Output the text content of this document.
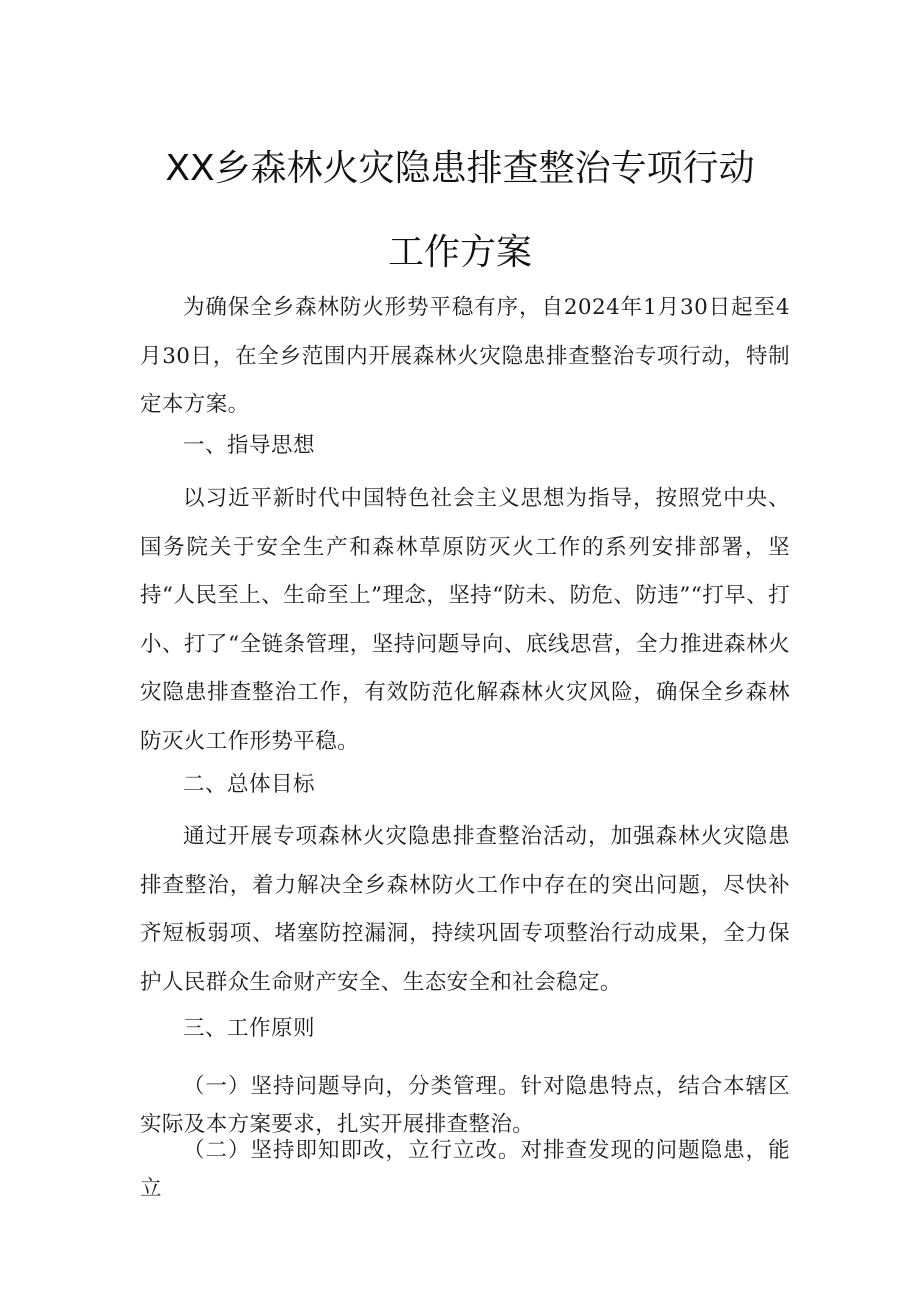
XX乡森林火灾隐患排查整治专项行动
工作方案

为确保全乡森林防火形势平稳有序，自2024年1月30日起至4月30日，在全乡范围内开展森林火灾隐患排查整治专项行动，特制定本方案。

一、指导思想

以习近平新时代中国特色社会主义思想为指导，按照党中央、国务院关于安全生产和森林草原防灭火工作的系列安排部署，坚持“人民至上、生命至上”理念，坚持“防未、防危、防违”“打早、打小、打了“全链条管理，坚持问题导向、底线思营，全力推进森林火灾隐患排查整治工作，有效防范化解森林火灾风险，确保全乡森林防灭火工作形势平稳。

二、总体目标

通过开展专项森林火灾隐患排查整治活动，加强森林火灾隐患排查整治，着力解决全乡森林防火工作中存在的突出问题，尽快补齐短板弱项、堵塞防控漏洞，持续巩固专项整治行动成果，全力保护人民群众生命财产安全、生态安全和社会稳定。

三、工作原则

（一）坚持问题导向，分类管理。针对隐患特点，结合本辖区实际及本方案要求，扎实开展排查整治。

（二）坚持即知即改，立行立改。对排查发现的问题隐患，能立
